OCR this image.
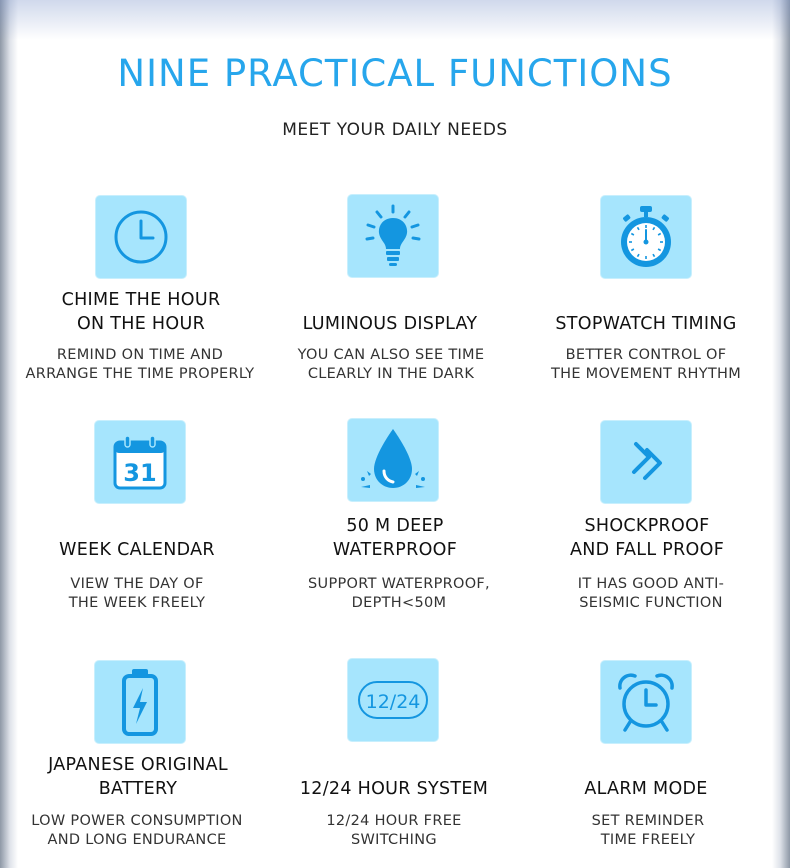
NINE PRACTICAL FUNCTIONS
MEET YOUR DAILY NEEDS
CHIME THE HOUR
ON THE HOUR	LUMINOUS DISPLAY	STOPWATCH TIMING
REMIND ON TIME AND
ARRANGE THE TIME PROPERLY
YOU CAN ALSO SEE TIME
CLEARLY IN THE DARK
BETTER CONTROL OF
THE MOVEMENT RHYTHM
31
WEEK CALENDAR
50 M DEEP
WATERPROOF
SHOCKPROOF
AND FALL PROOF
VIEW THE DAY OF
THE WEEK FREELY
SUPPORT WATERPROOF,
DEPTH<50M
IT HAS GOOD ANTI-
SEISMIC FUNCTION
12/24
JAPANESE ORIGINAL
BATTERY	12/24 HOUR SYSTEM	ALARM MODE
LOW POWER CONSUMPTION
AND LONG ENDURANCE
12/24 HOUR FREE
SWITCHING
SET REMINDER
TIME FREELY
